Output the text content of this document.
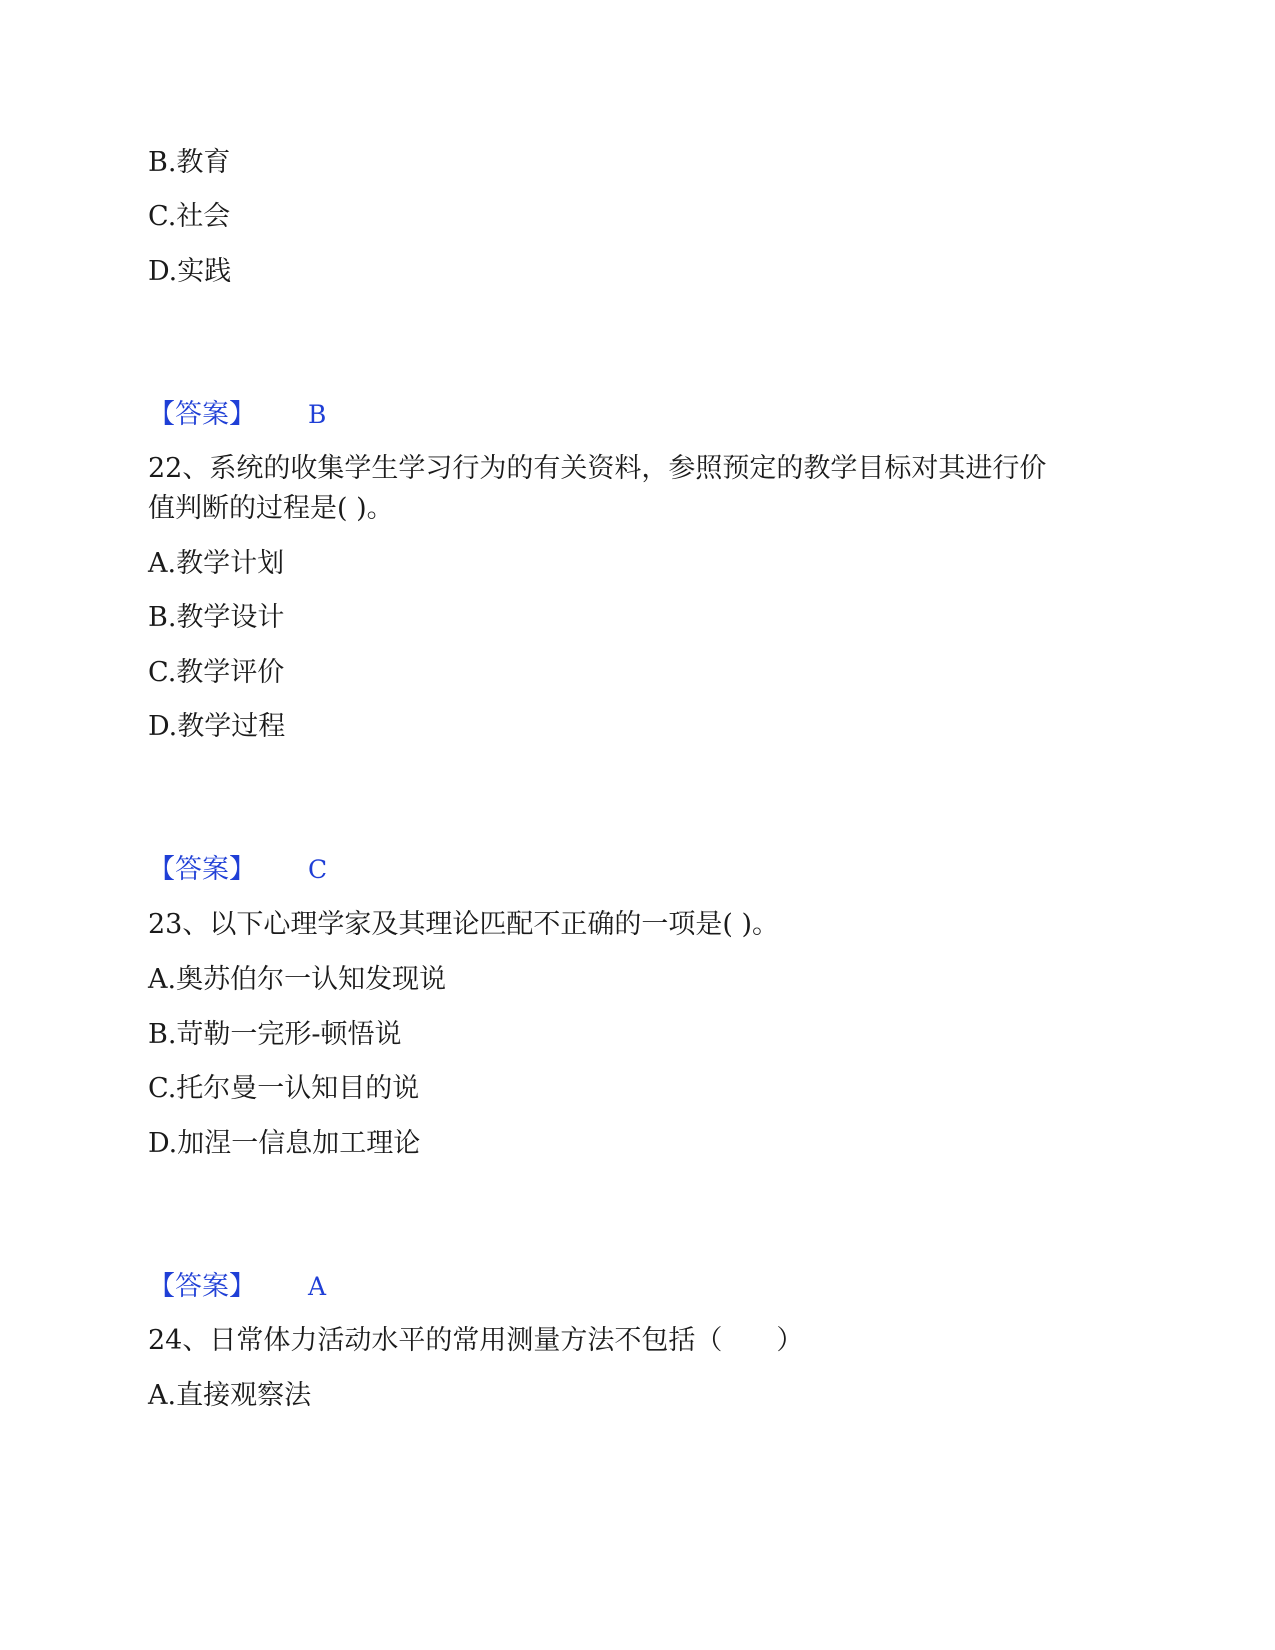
B.教育
C.社会
D.实践
【答案】 B
22、系统的收集学生学习行为的有关资料，参照预定的教学目标对其进行价
值判断的过程是( )。
A.教学计划
B.教学设计
C.教学评价
D.教学过程
【答案】 C
23、以下心理学家及其理论匹配不正确的一项是( )。
A.奥苏伯尔一认知发现说
B.苛勒一完形-顿悟说
C.托尔曼一认知目的说
D.加涅一信息加工理论
【答案】 A
24、日常体力活动水平的常用测量方法不包括（　　）
A.直接观察法
